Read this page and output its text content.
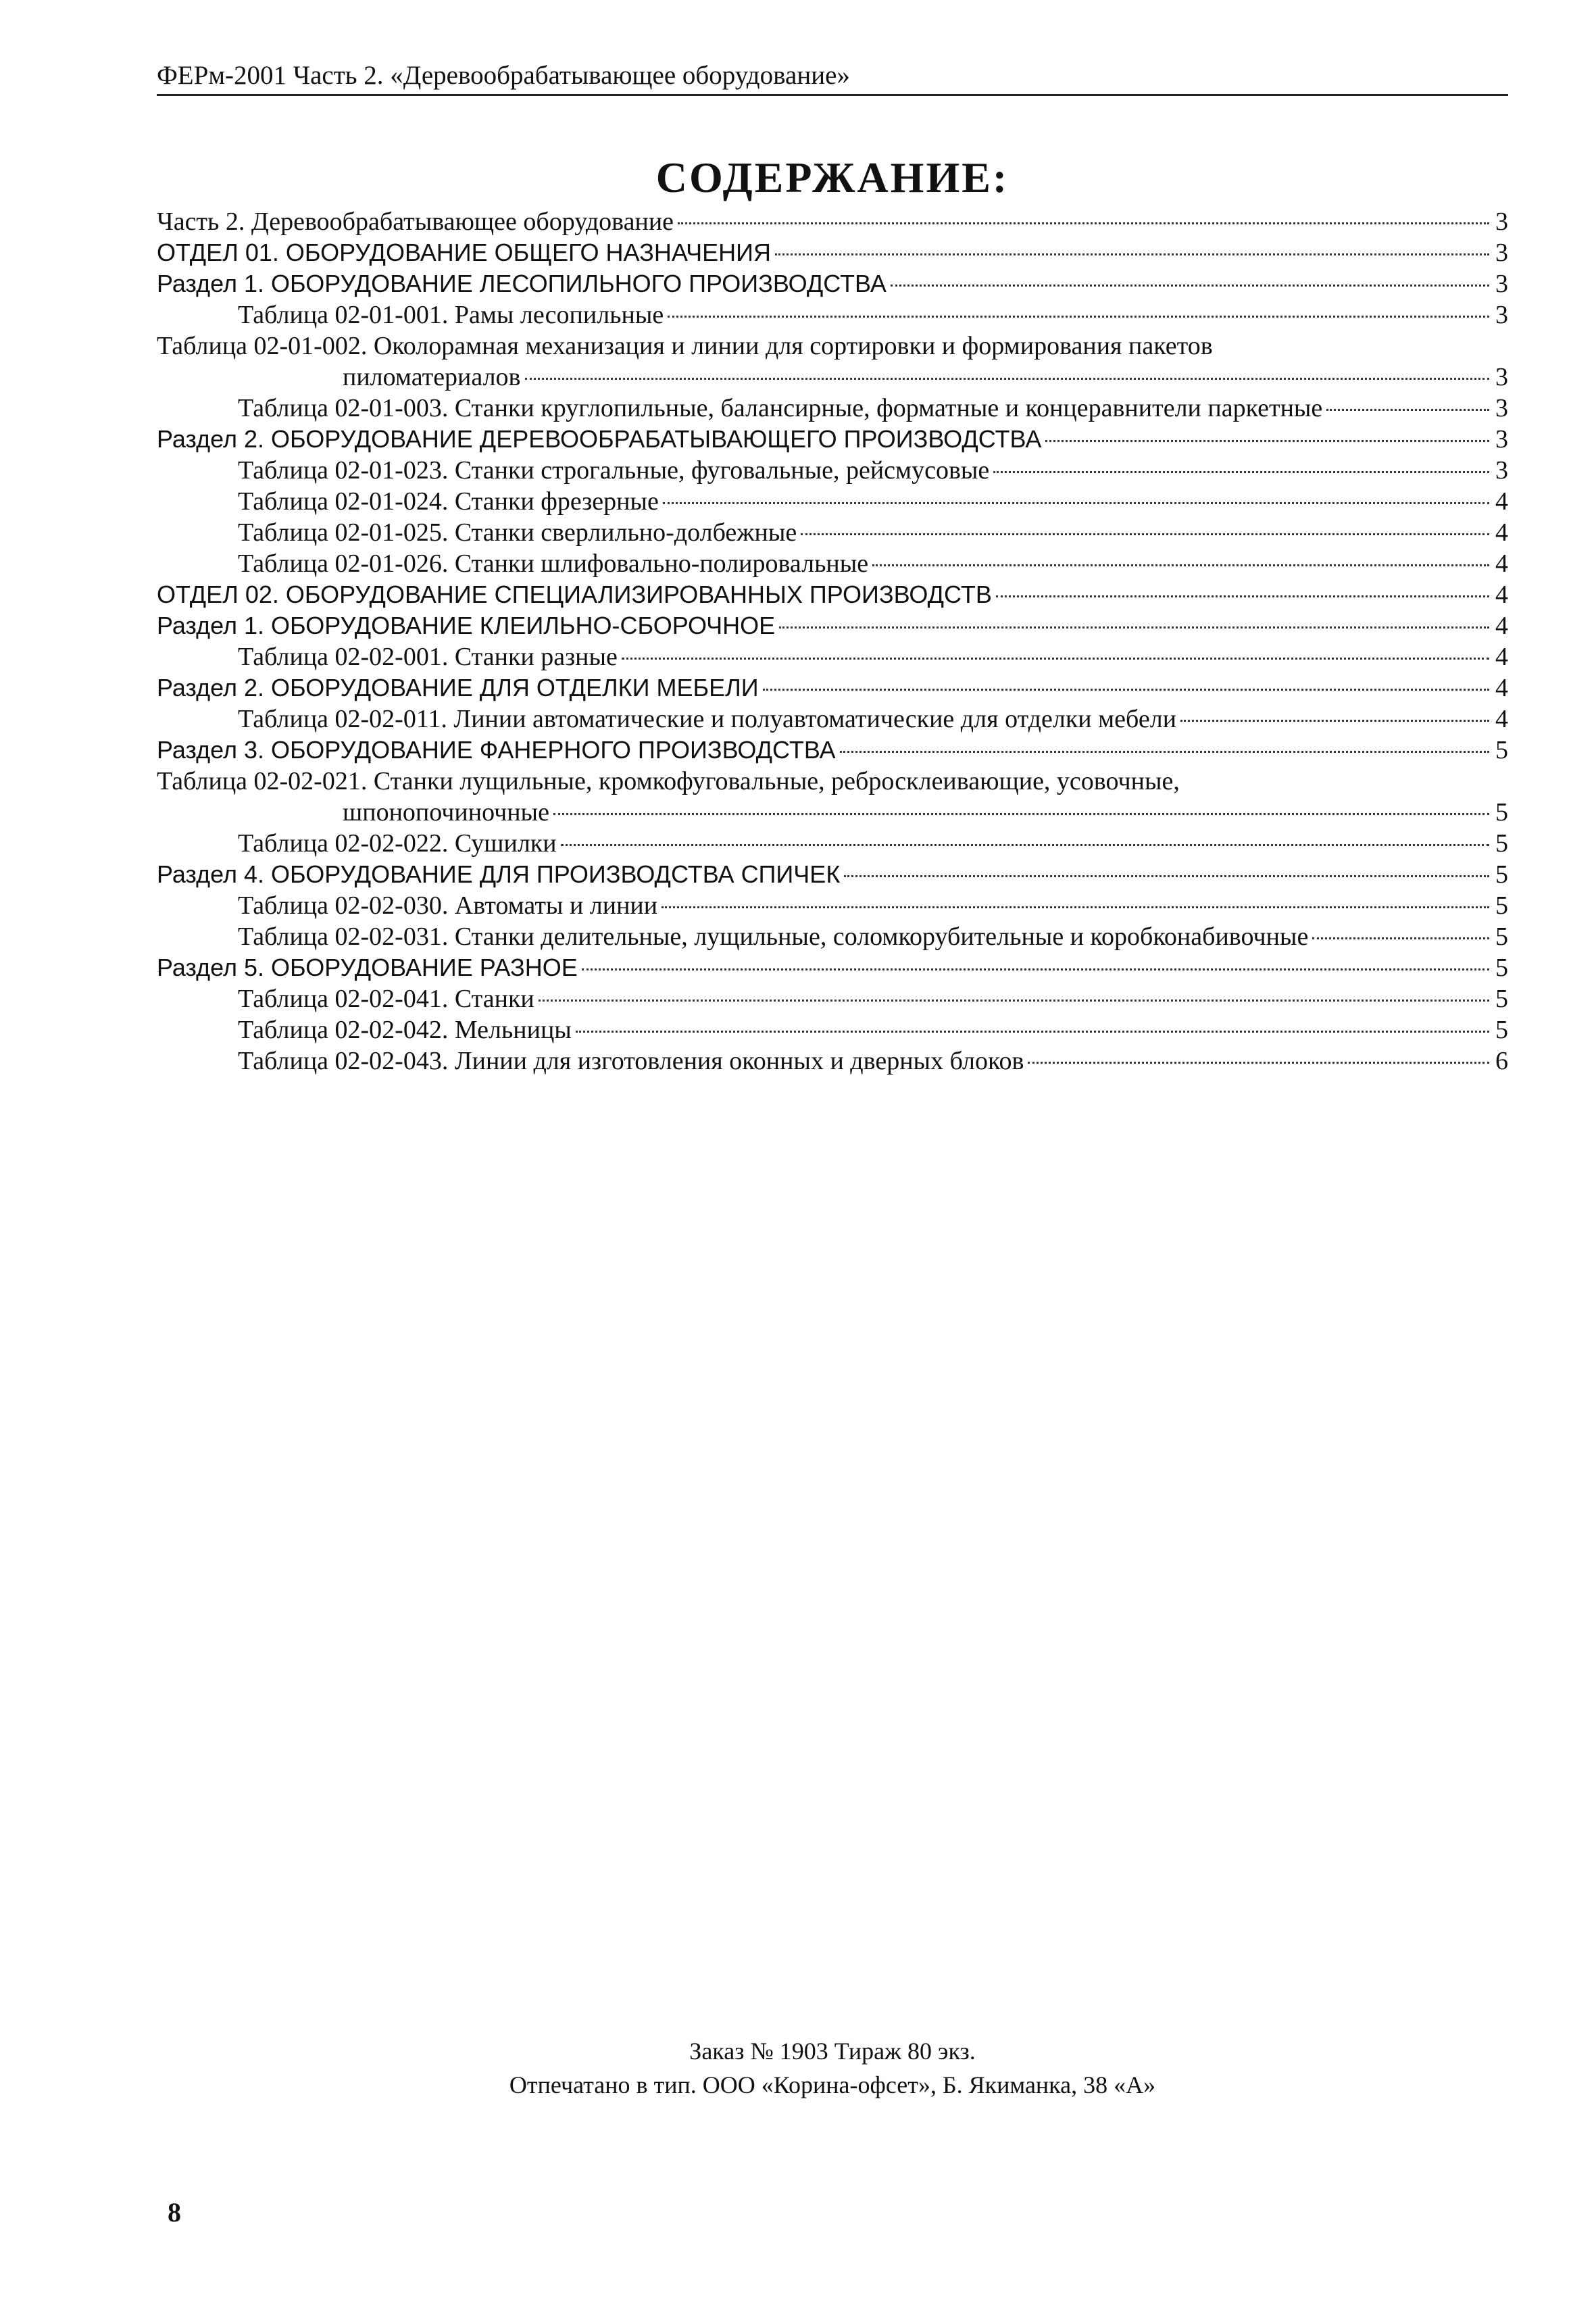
ФЕРм-2001 Часть 2. «Деревообрабатывающее оборудование»
СОДЕРЖАНИЕ:
Часть 2. Деревообрабатывающее оборудование	3
ОТДЕЛ 01. ОБОРУДОВАНИЕ ОБЩЕГО НАЗНАЧЕНИЯ	3
Раздел 1. ОБОРУДОВАНИЕ ЛЕСОПИЛЬНОГО ПРОИЗВОДСТВА	3
Таблица 02-01-001. Рамы лесопильные	3
Таблица 02-01-002. Околорамная механизация и линии для сортировки и формирования пакетов
пиломатериалов	3
Таблица 02-01-003. Станки круглопильные, балансирные, форматные и концеравнители паркетные	3
Раздел 2. ОБОРУДОВАНИЕ ДЕРЕВООБРАБАТЫВАЮЩЕГО ПРОИЗВОДСТВА	3
Таблица 02-01-023. Станки строгальные, фуговальные, рейсмусовые	3
Таблица 02-01-024. Станки фрезерные	4
Таблица 02-01-025. Станки сверлильно-долбежные	4
Таблица 02-01-026. Станки шлифовально-полировальные	4
ОТДЕЛ 02. ОБОРУДОВАНИЕ СПЕЦИАЛИЗИРОВАННЫХ ПРОИЗВОДСТВ	4
Раздел 1. ОБОРУДОВАНИЕ КЛЕИЛЬНО-СБОРОЧНОЕ	4
Таблица 02-02-001. Станки разные	4
Раздел 2. ОБОРУДОВАНИЕ ДЛЯ ОТДЕЛКИ МЕБЕЛИ	4
Таблица 02-02-011. Линии автоматические и полуавтоматические для отделки мебели	4
Раздел 3. ОБОРУДОВАНИЕ ФАНЕРНОГО ПРОИЗВОДСТВА	5
Таблица 02-02-021. Станки лущильные, кромкофуговальные, ребросклеивающие, усовочные,
шпонопочиночные	5
Таблица 02-02-022. Сушилки	5
Раздел 4. ОБОРУДОВАНИЕ ДЛЯ ПРОИЗВОДСТВА СПИЧЕК	5
Таблица 02-02-030. Автоматы и линии	5
Таблица 02-02-031. Станки делительные, лущильные, соломкорубительные и коробконабивочные	5
Раздел 5. ОБОРУДОВАНИЕ РАЗНОЕ	5
Таблица 02-02-041. Станки	5
Таблица 02-02-042. Мельницы	5
Таблица 02-02-043. Линии для изготовления оконных и дверных блоков	6
Заказ № 1903 Тираж 80 экз.
Отпечатано в тип. ООО «Корина-офсет», Б. Якиманка, 38 «А»
8
